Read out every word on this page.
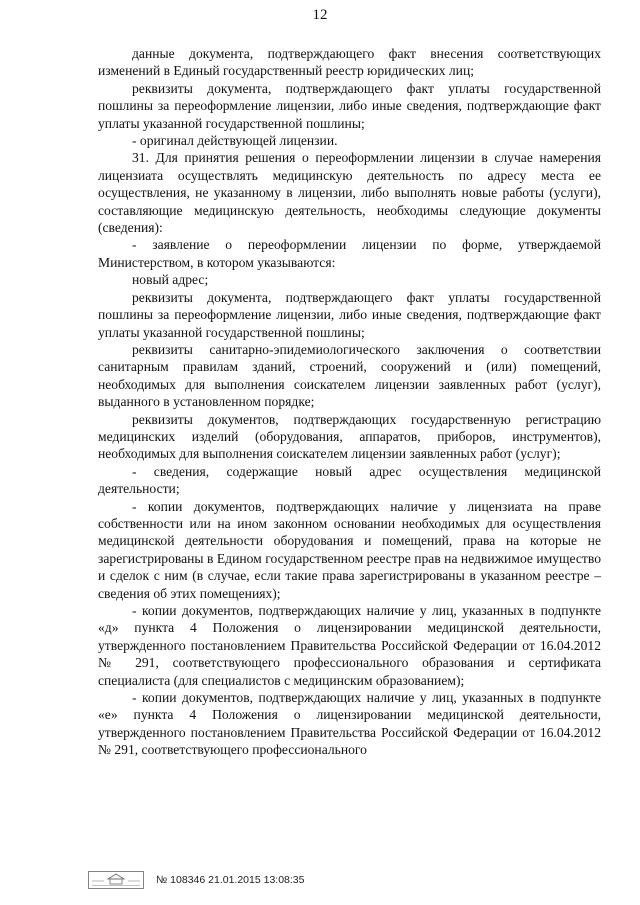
12

данные документа, подтверждающего факт внесения соответствующих изменений в Единый государственный реестр юридических лиц;

реквизиты документа, подтверждающего факт уплаты государственной пошлины за переоформление лицензии, либо иные сведения, подтверждающие факт уплаты указанной государственной пошлины;

- оригинал действующей лицензии.

31. Для принятия решения о переоформлении лицензии в случае намерения лицензиата осуществлять медицинскую деятельность по адресу места ее осуществления, не указанному в лицензии, либо выполнять новые работы (услуги), составляющие медицинскую деятельность, необходимы следующие документы (сведения):

- заявление о переоформлении лицензии по форме, утверждаемой Министерством, в котором указываются:

новый адрес;

реквизиты документа, подтверждающего факт уплаты государственной пошлины за переоформление лицензии, либо иные сведения, подтверждающие факт уплаты указанной государственной пошлины;

реквизиты санитарно-эпидемиологического заключения о соответствии санитарным правилам зданий, строений, сооружений и (или) помещений, необходимых для выполнения соискателем лицензии заявленных работ (услуг), выданного в установленном порядке;

реквизиты документов, подтверждающих государственную регистрацию медицинских изделий (оборудования, аппаратов, приборов, инструментов), необходимых для выполнения соискателем лицензии заявленных работ (услуг);

- сведения, содержащие новый адрес осуществления медицинской деятельности;

- копии документов, подтверждающих наличие у лицензиата на праве собственности или на ином законном основании необходимых для осуществления медицинской деятельности оборудования и помещений, права на которые не зарегистрированы в Едином государственном реестре прав на недвижимое имущество и сделок с ним (в случае, если такие права зарегистрированы в указанном реестре – сведения об этих помещениях);

- копии документов, подтверждающих наличие у лиц, указанных в подпункте «д» пункта 4 Положения о лицензировании медицинской деятельности, утвержденного постановлением Правительства Российской Федерации от 16.04.2012 № 291, соответствующего профессионального образования и сертификата специалиста (для специалистов с медицинским образованием);

- копии документов, подтверждающих наличие у лиц, указанных в подпункте «е» пункта 4 Положения о лицензировании медицинской деятельности, утвержденного постановлением Правительства Российской Федерации от 16.04.2012 № 291, соответствующего профессионального

№ 108346 21.01.2015 13:08:35
